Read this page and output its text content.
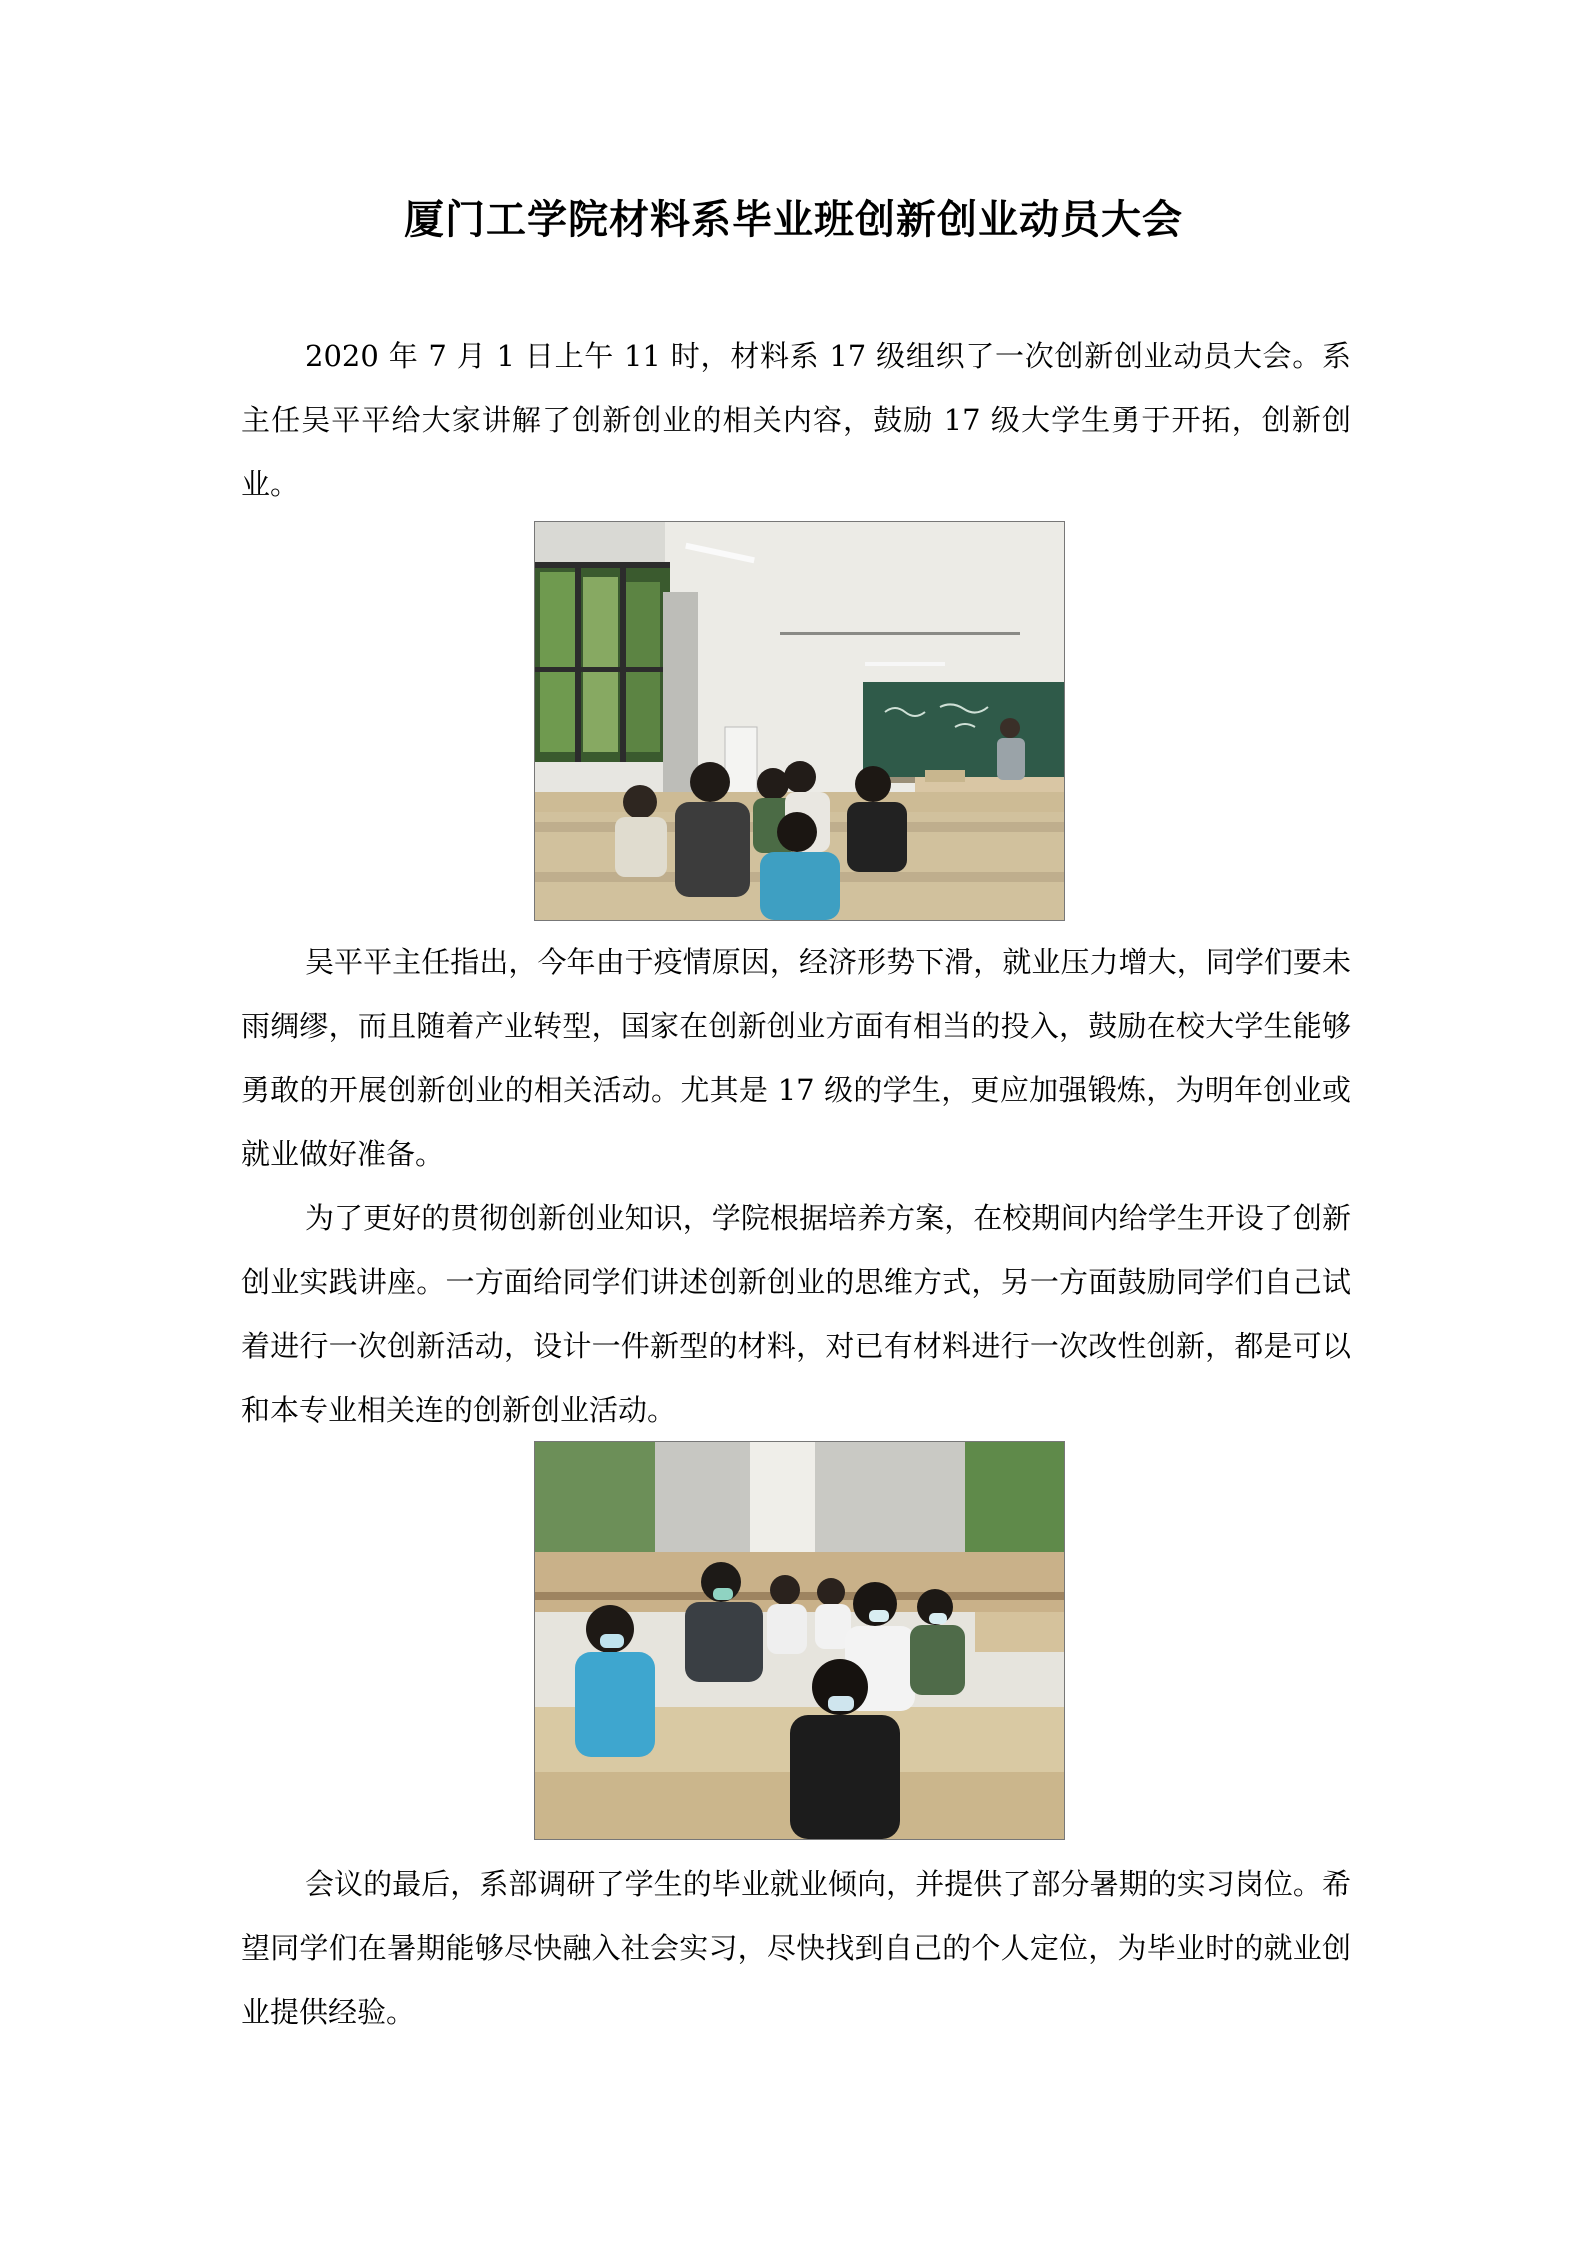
厦门工学院材料系毕业班创新创业动员大会

2020 年 7 月 1 日上午 11 时，材料系 17 级组织了一次创新创业动员大会。系主任吴平平给大家讲解了创新创业的相关内容，鼓励 17 级大学生勇于开拓，创新创业。

吴平平主任指出，今年由于疫情原因，经济形势下滑，就业压力增大，同学们要未雨绸缪，而且随着产业转型，国家在创新创业方面有相当的投入，鼓励在校大学生能够勇敢的开展创新创业的相关活动。尤其是 17 级的学生，更应加强锻炼，为明年创业或就业做好准备。

为了更好的贯彻创新创业知识，学院根据培养方案，在校期间内给学生开设了创新创业实践讲座。一方面给同学们讲述创新创业的思维方式，另一方面鼓励同学们自己试着进行一次创新活动，设计一件新型的材料，对已有材料进行一次改性创新，都是可以和本专业相关连的创新创业活动。

会议的最后，系部调研了学生的毕业就业倾向，并提供了部分暑期的实习岗位。希望同学们在暑期能够尽快融入社会实习，尽快找到自己的个人定位，为毕业时的就业创业提供经验。
